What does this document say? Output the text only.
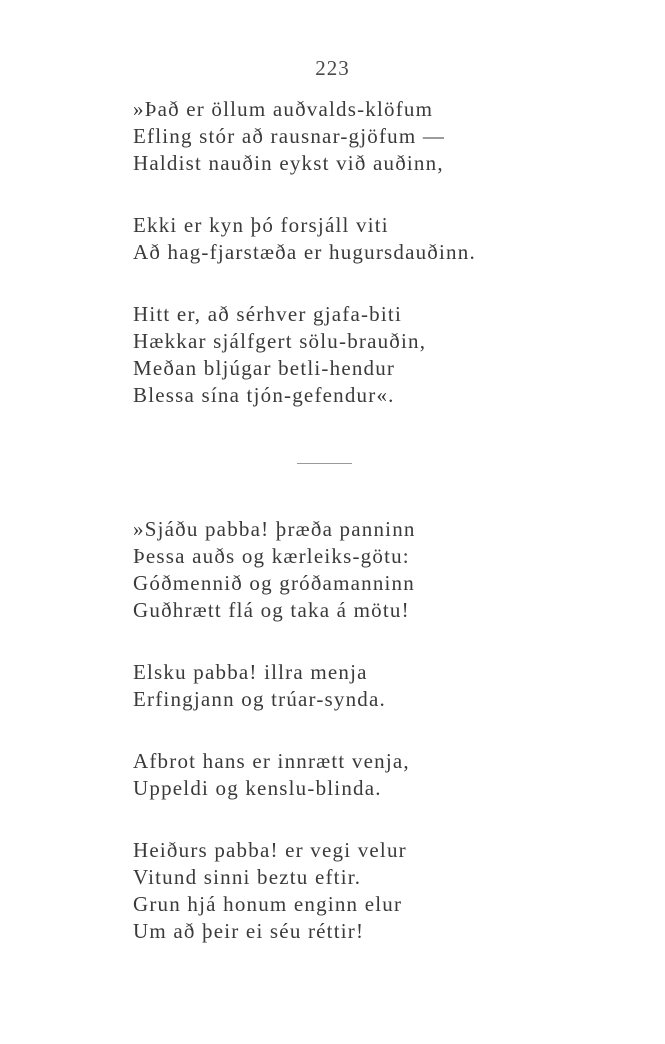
223
»Það er öllum auðvalds-klöfum
Efling stór að rausnar-gjöfum —
Haldist nauðin eykst við auðinn,
Ekki er kyn þó forsjáll viti
Að hag-fjarstæða er hugursdauðinn.
Hitt er, að sérhver gjafa-biti
Hækkar sjálfgert sölu-brauðin,
Meðan bljúgar betli-hendur
Blessa sína tjón-gefendur«.
»Sjáðu pabba! þræða panninn
Þessa auðs og kærleiks-götu:
Góðmennið og gróðamanninn
Guðhrætt flá og taka á mötu!
Elsku pabba! illra menja
Erfingjann og trúar-synda.
Afbrot hans er innrætt venja,
Uppeldi og kenslu-blinda.
Heiðurs pabba! er vegi velur
Vitund sinni beztu eftir.
Grun hjá honum enginn elur
Um að þeir ei séu réttir!
